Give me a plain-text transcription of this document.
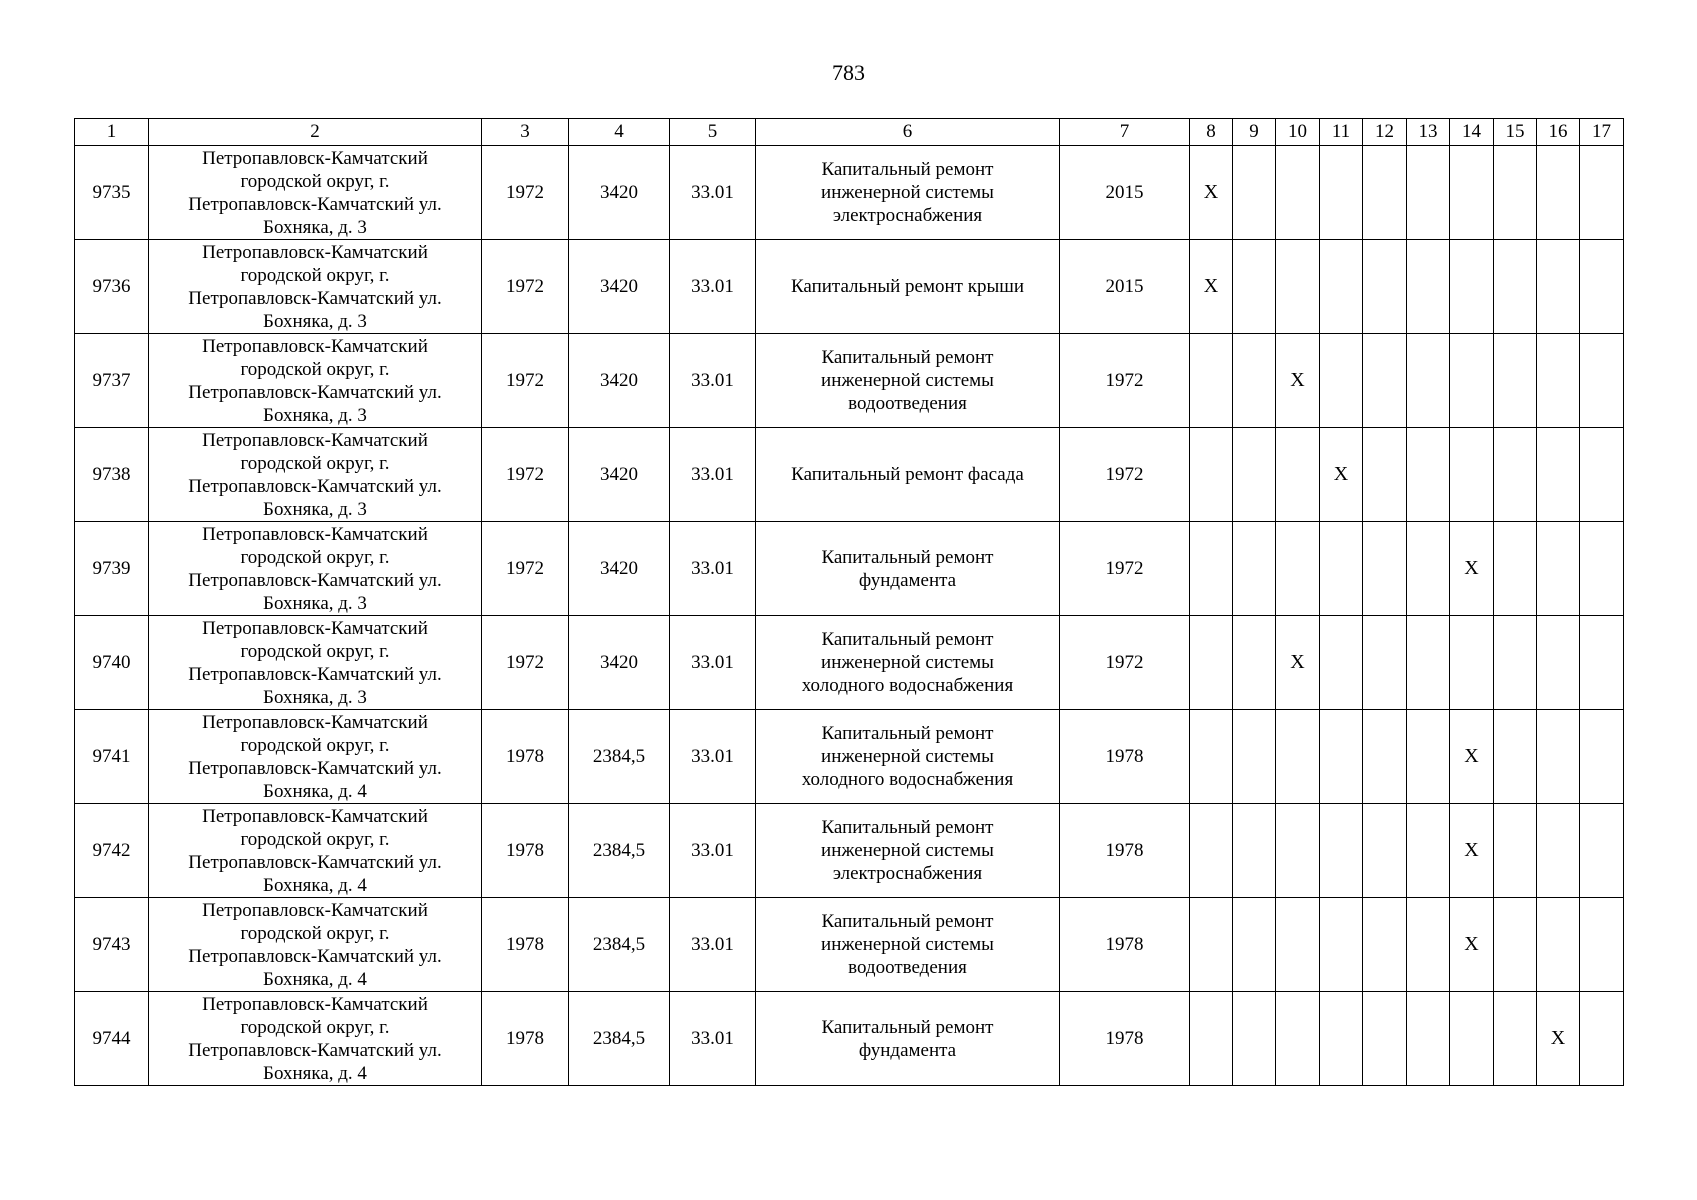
783
1	2	3	4	5	6	7	8	9	10	11	12	13	14	15	16	17

9735	Петропавловск-Камчатский
городской округ, г.
Петропавловск-Камчатский ул.
Бохняка, д. 3	1972	3420	33.01	Капитальный ремонт
инженерной системы
электроснабжения	2015	X									

9736	Петропавловск-Камчатский
городской округ, г.
Петропавловск-Камчатский ул.
Бохняка, д. 3	1972	3420	33.01	Капитальный ремонт крыши	2015	X									

9737	Петропавловск-Камчатский
городской округ, г.
Петропавловск-Камчатский ул.
Бохняка, д. 3	1972	3420	33.01	Капитальный ремонт
инженерной системы
водоотведения	1972			X							

9738	Петропавловск-Камчатский
городской округ, г.
Петропавловск-Камчатский ул.
Бохняка, д. 3	1972	3420	33.01	Капитальный ремонт фасада	1972				X						

9739	Петропавловск-Камчатский
городской округ, г.
Петропавловск-Камчатский ул.
Бохняка, д. 3	1972	3420	33.01	Капитальный ремонт
фундамента	1972							X			

9740	Петропавловск-Камчатский
городской округ, г.
Петропавловск-Камчатский ул.
Бохняка, д. 3	1972	3420	33.01	Капитальный ремонт
инженерной системы
холодного водоснабжения	1972			X							

9741	Петропавловск-Камчатский
городской округ, г.
Петропавловск-Камчатский ул.
Бохняка, д. 4	1978	2384,5	33.01	Капитальный ремонт
инженерной системы
холодного водоснабжения	1978							X			

9742	Петропавловск-Камчатский
городской округ, г.
Петропавловск-Камчатский ул.
Бохняка, д. 4	1978	2384,5	33.01	Капитальный ремонт
инженерной системы
электроснабжения	1978							X			

9743	Петропавловск-Камчатский
городской округ, г.
Петропавловск-Камчатский ул.
Бохняка, д. 4	1978	2384,5	33.01	Капитальный ремонт
инженерной системы
водоотведения	1978							X			

9744	Петропавловск-Камчатский
городской округ, г.
Петропавловск-Камчатский ул.
Бохняка, д. 4	1978	2384,5	33.01	Капитальный ремонт
фундамента	1978									X	
